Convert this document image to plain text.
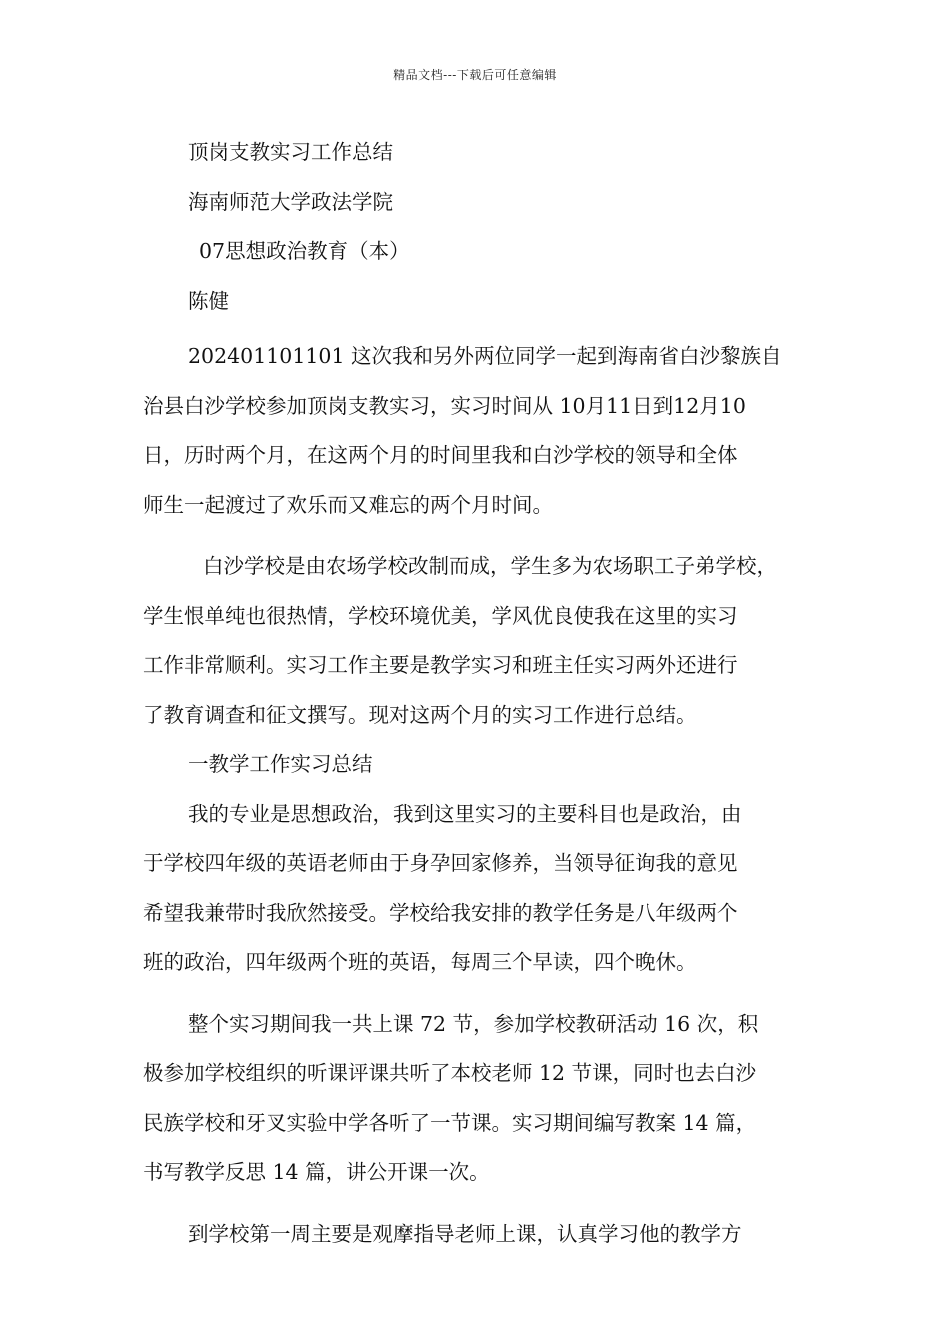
精品文档---下载后可任意编辑

顶岗支教实习工作总结

海南师范大学政法学院

07思想政治教育（本）

陈健

202401101101 这次我和另外两位同学一起到海南省白沙黎族自

治县白沙学校参加顶岗支教实习，实习时间从 10月11日到12月10

日，历时两个月，在这两个月的时间里我和白沙学校的领导和全体

师生一起渡过了欢乐而又难忘的两个月时间。

白沙学校是由农场学校改制而成，学生多为农场职工子弟学校，

学生恨单纯也很热情，学校环境优美，学风优良使我在这里的实习

工作非常顺利。实习工作主要是教学实习和班主任实习两外还进行

了教育调查和征文撰写。现对这两个月的实习工作进行总结。

一教学工作实习总结

我的专业是思想政治，我到这里实习的主要科目也是政治，由

于学校四年级的英语老师由于身孕回家修养，当领导征询我的意见

希望我兼带时我欣然接受。学校给我安排的教学任务是八年级两个

班的政治，四年级两个班的英语，每周三个早读，四个晚休。

整个实习期间我一共上课 72 节，参加学校教研活动 16 次，积

极参加学校组织的听课评课共听了本校老师 12 节课，同时也去白沙

民族学校和牙叉实验中学各听了一节课。实习期间编写教案 14 篇，

书写教学反思 14 篇，讲公开课一次。

到学校第一周主要是观摩指导老师上课，认真学习他的教学方
